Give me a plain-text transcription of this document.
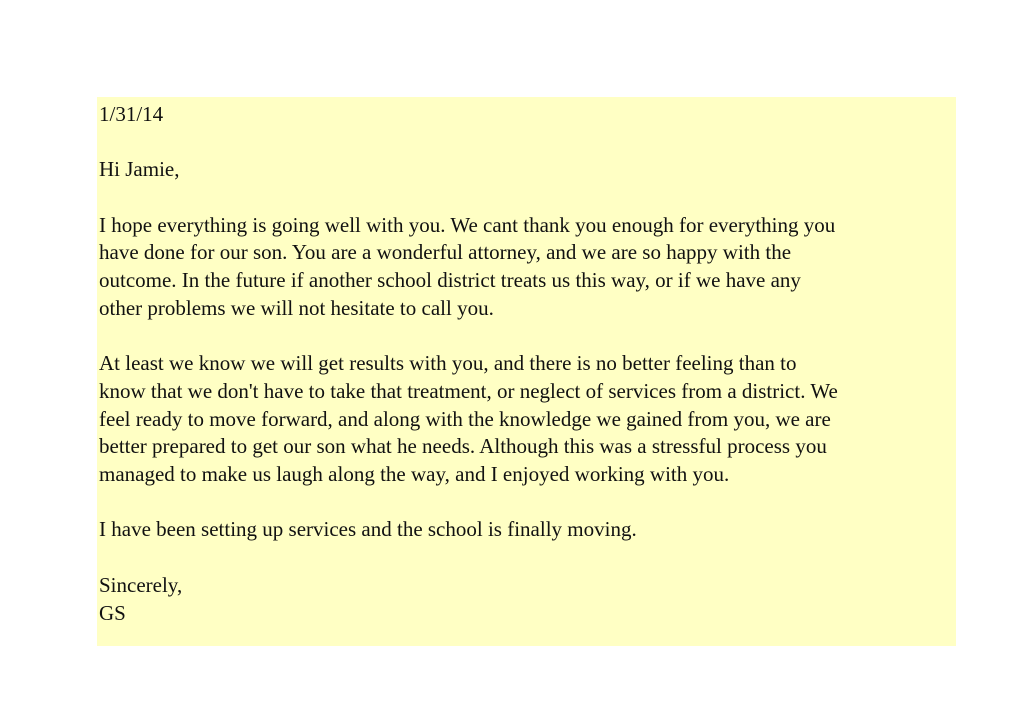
1/31/14

Hi Jamie,

I hope everything is going well with you. We cant thank you enough for everything you
have done for our son. You are a wonderful attorney, and we are so happy with the
outcome. In the future if another school district treats us this way, or if we have any
other problems we will not hesitate to call you.

At least we know we will get results with you, and there is no better feeling than to
know that we don't have to take that treatment, or neglect of services from a district. We
feel ready to move forward, and along with the knowledge we gained from you, we are
better prepared to get our son what he needs. Although this was a stressful process you
managed to make us laugh along the way, and I enjoyed working with you.

I have been setting up services and the school is finally moving.

Sincerely,
GS
